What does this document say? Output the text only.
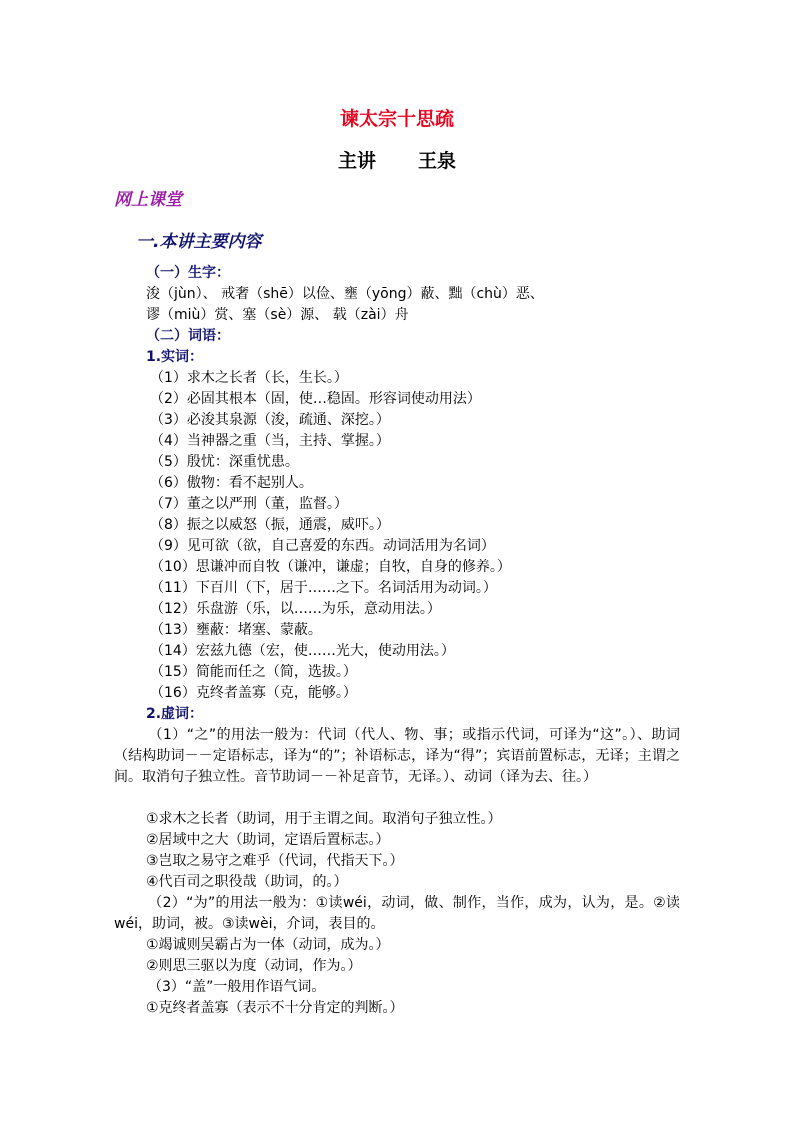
谏太宗十思疏
主讲 王泉
网上课堂
一.本讲主要内容
（一）生字：
浚（jùn）、 戒奢（shē）以俭、壅（yōng）蔽、黜（chù）恶、
谬（miù）赏、塞（sè）源、 载（zài）舟
（二）词语：
1.实词：
（1）求木之长者（长，生长。）
（2）必固其根本（固，使…稳固。形容词使动用法）
（3）必浚其泉源（浚，疏通、深挖。）
（4）当神器之重（当，主持、掌握。）
（5）殷忧：深重忧患。
（6）傲物：看不起别人。
（7）董之以严刑（董，监督。）
（8）振之以威怒（振，通震，威吓。）
（9）见可欲（欲，自己喜爱的东西。动词活用为名词）
（10）思谦冲而自牧（谦冲，谦虚；自牧，自身的修养。）
（11）下百川（下，居于……之下。名词活用为动词。）
（12）乐盘游（乐，以……为乐，意动用法。）
（13）壅蔽：堵塞、蒙蔽。
（14）宏兹九德（宏，使……光大，使动用法。）
（15）简能而任之（简，选拔。）
（16）克终者盖寡（克，能够。）
2.虚词：
（1）“之”的用法一般为：代词（代人、物、事；或指示代词，可译为“这”。）、助词（结构助词－－定语标志，译为“的”；补语标志，译为“得”；宾语前置标志，无译；主谓之间。取消句子独立性。音节助词－－补足音节，无译。）、动词（译为去、往。）
①求木之长者（助词，用于主谓之间。取消句子独立性。）
②居域中之大（助词，定语后置标志。）
③岂取之易守之难乎（代词，代指天下。）
④代百司之职役哉（助词，的。）
（2）“为”的用法一般为：①读wéi，动词，做、制作，当作，成为，认为，是。②读wéi，助词，被。③读wèi，介词，表目的。
①竭诚则吴霸占为一体（动词，成为。）
②则思三驱以为度（动词，作为。）
（3）“盖”一般用作语气词。
①克终者盖寡（表示不十分肯定的判断。）
